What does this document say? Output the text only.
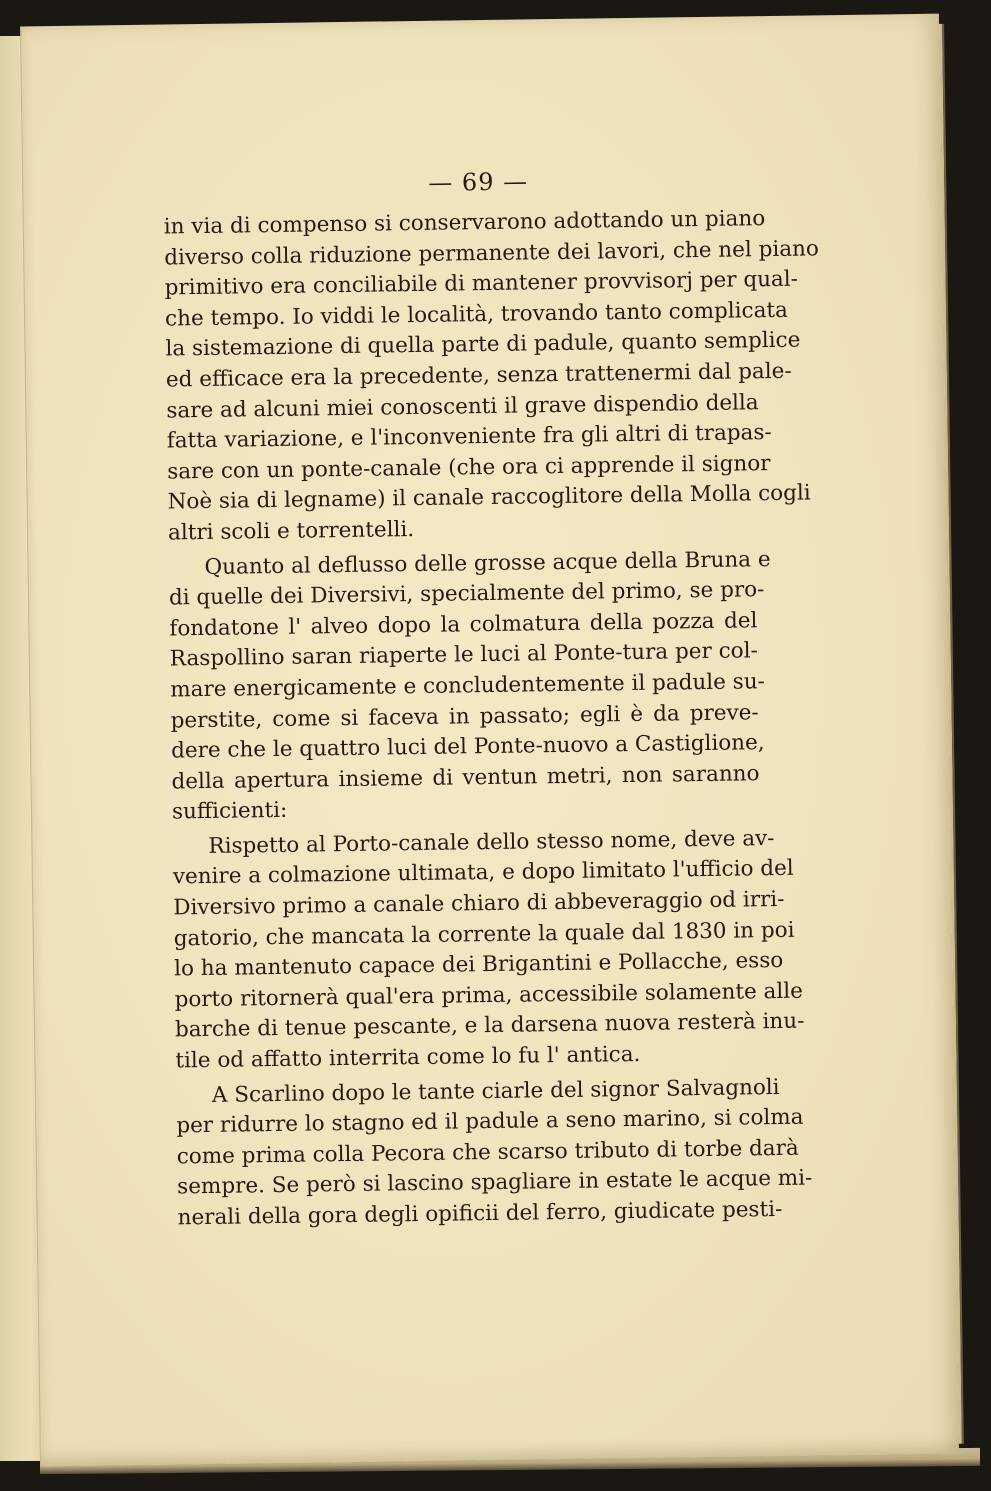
— 69 —
in via di compenso si conservarono adottando un piano
diverso colla riduzione permanente dei lavori, che nel piano
primitivo era conciliabile di mantener provvisorj per qual-
che tempo. Io viddi le località, trovando tanto complicata
la sistemazione di quella parte di padule, quanto semplice
ed efficace era la precedente, senza trattenermi dal pale-
sare ad alcuni miei conoscenti il grave dispendio della
fatta variazione, e l'inconveniente fra gli altri di trapas-
sare con un ponte-canale (che ora ci apprende il signor
Noè sia di legname) il canale raccoglitore della Molla cogli
altri scoli e torrentelli.
Quanto al deflusso delle grosse acque della Bruna e
di quelle dei Diversivi, specialmente del primo, se pro-
fondatone l' alveo dopo la colmatura della pozza del
Raspollino saran riaperte le luci al Ponte-tura per col-
mare energicamente e concludentemente il padule su-
perstite, come si faceva in passato; egli è da preve-
dere che le quattro luci del Ponte-nuovo a Castiglione,
della apertura insieme di ventun metri, non saranno
sufficienti:
Rispetto al Porto-canale dello stesso nome, deve av-
venire a colmazione ultimata, e dopo limitato l'ufficio del
Diversivo primo a canale chiaro di abbeveraggio od irri-
gatorio, che mancata la corrente la quale dal 1830 in poi
lo ha mantenuto capace dei Brigantini e Pollacche, esso
porto ritornerà qual'era prima, accessibile solamente alle
barche di tenue pescante, e la darsena nuova resterà inu-
tile od affatto interrita come lo fu l' antica.
A Scarlino dopo le tante ciarle del signor Salvagnoli
per ridurre lo stagno ed il padule a seno marino, si colma
come prima colla Pecora che scarso tributo di torbe darà
sempre. Se però si lascino spagliare in estate le acque mi-
nerali della gora degli opificii del ferro, giudicate pesti-
